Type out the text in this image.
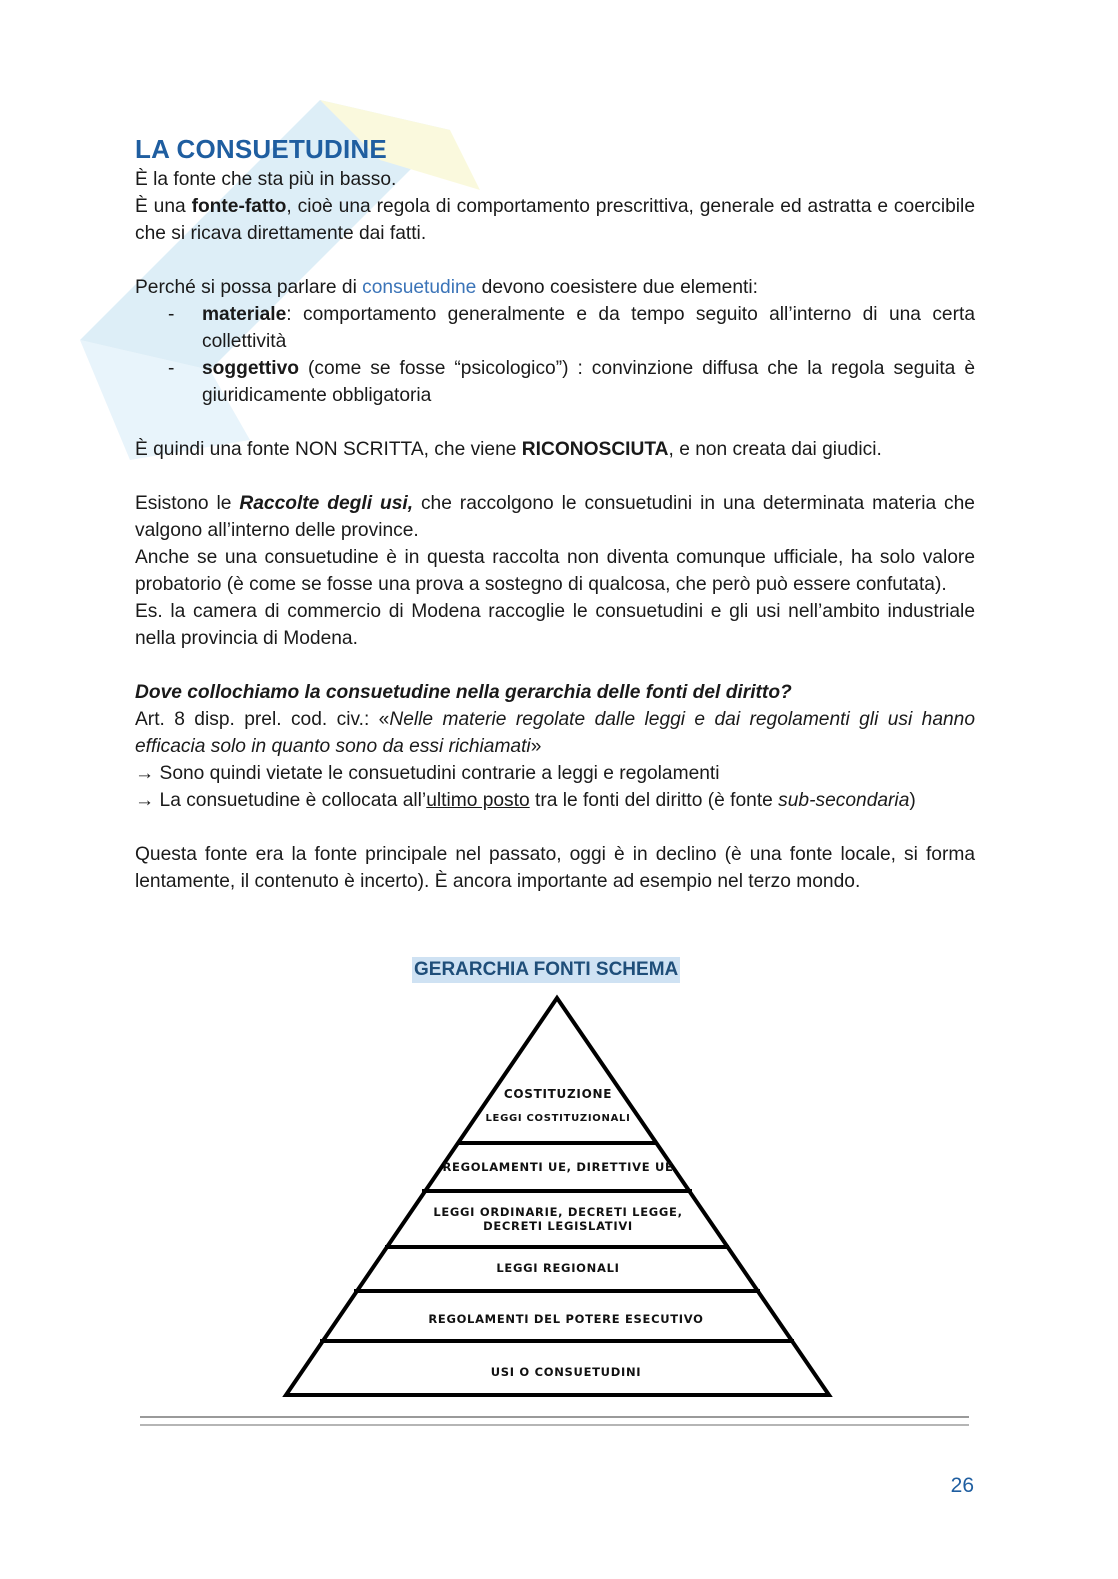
LA CONSUETUDINE

È la fonte che sta più in basso.

È una fonte-fatto, cioè una regola di comportamento prescrittiva, generale ed astratta e coercibile che si ricava direttamente dai fatti.

Perché si possa parlare di consuetudine devono coesistere due elementi:

- materiale: comportamento generalmente e da tempo seguito all’interno di una certa collettività
- soggettivo (come se fosse “psicologico”) : convinzione diffusa che la regola seguita è giuridicamente obbligatoria

È quindi una fonte NON SCRITTA, che viene RICONOSCIUTA, e non creata dai giudici.

Esistono le Raccolte degli usi, che raccolgono le consuetudini in una determinata materia che valgono all’interno delle province.

Anche se una consuetudine è in questa raccolta non diventa comunque ufficiale, ha solo valore probatorio (è come se fosse una prova a sostegno di qualcosa, che però può essere confutata).

Es. la camera di commercio di Modena raccoglie le consuetudini e gli usi nell’ambito industriale nella provincia di Modena.

Dove collochiamo la consuetudine nella gerarchia delle fonti del diritto?

Art. 8 disp. prel. cod. civ.: «Nelle materie regolate dalle leggi e dai regolamenti gli usi hanno efficacia solo in quanto sono da essi richiamati»

→ Sono quindi vietate le consuetudini contrarie a leggi e regolamenti

→ La consuetudine è collocata all’ultimo posto tra le fonti del diritto (è fonte sub-secondaria)

Questa fonte era la fonte principale nel passato, oggi è in declino (è una fonte locale, si forma lentamente, il contenuto è incerto). È ancora importante ad esempio nel terzo mondo.

GERARCHIA FONTI SCHEMA
COSTITUZIONE
LEGGI COSTITUZIONALI
REGOLAMENTI UE, DIRETTIVE UE
LEGGI ORDINARIE, DECRETI LEGGE,
DECRETI LEGISLATIVI
LEGGI REGIONALI
REGOLAMENTI DEL POTERE ESECUTIVO
USI O CONSUETUDINI
26
